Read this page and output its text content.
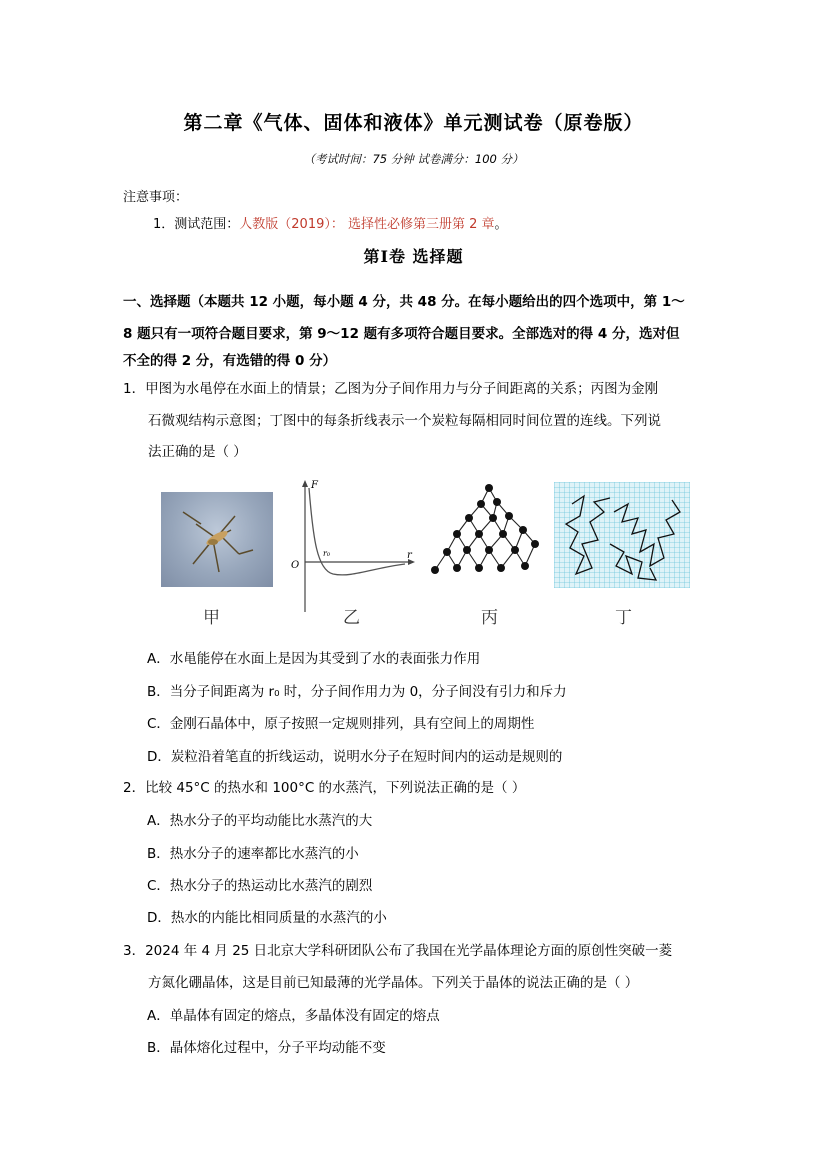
第二章《气体、固体和液体》单元测试卷（原卷版）
（考试时间：75 分钟 试卷满分：100 分）
注意事项：
1．测试范围：人教版（2019）： 选择性必修第三册第 2 章。
第Ⅰ卷 选择题
一、选择题（本题共 12 小题，每小题 4 分，共 48 分。在每小题给出的四个选项中，第 1～
8 题只有一项符合题目要求，第 9～12 题有多项符合题目要求。全部选对的得 4 分，选对但
不全的得 2 分，有选错的得 0 分）
1．甲图为水黾停在水面上的情景；乙图为分子间作用力与分子间距离的关系；丙图为金刚
石微观结构示意图；丁图中的每条折线表示一个炭粒每隔相同时间位置的连线。下列说
法正确的是（ ）
甲
F
r
O
r₀
乙	丙	丁
A．水黾能停在水面上是因为其受到了水的表面张力作用
B．当分子间距离为 r₀ 时，分子间作用力为 0，分子间没有引力和斥力
C．金刚石晶体中，原子按照一定规则排列，具有空间上的周期性
D．炭粒沿着笔直的折线运动，说明水分子在短时间内的运动是规则的
2．比较 45°C 的热水和 100°C 的水蒸汽，下列说法正确的是（ ）
A．热水分子的平均动能比水蒸汽的大
B．热水分子的速率都比水蒸汽的小
C．热水分子的热运动比水蒸汽的剧烈
D．热水的内能比相同质量的水蒸汽的小
3．2024 年 4 月 25 日北京大学科研团队公布了我国在光学晶体理论方面的原创性突破一菱
方氮化硼晶体，这是目前已知最薄的光学晶体。下列关于晶体的说法正确的是（ ）
A．单晶体有固定的熔点，多晶体没有固定的熔点
B．晶体熔化过程中，分子平均动能不变
